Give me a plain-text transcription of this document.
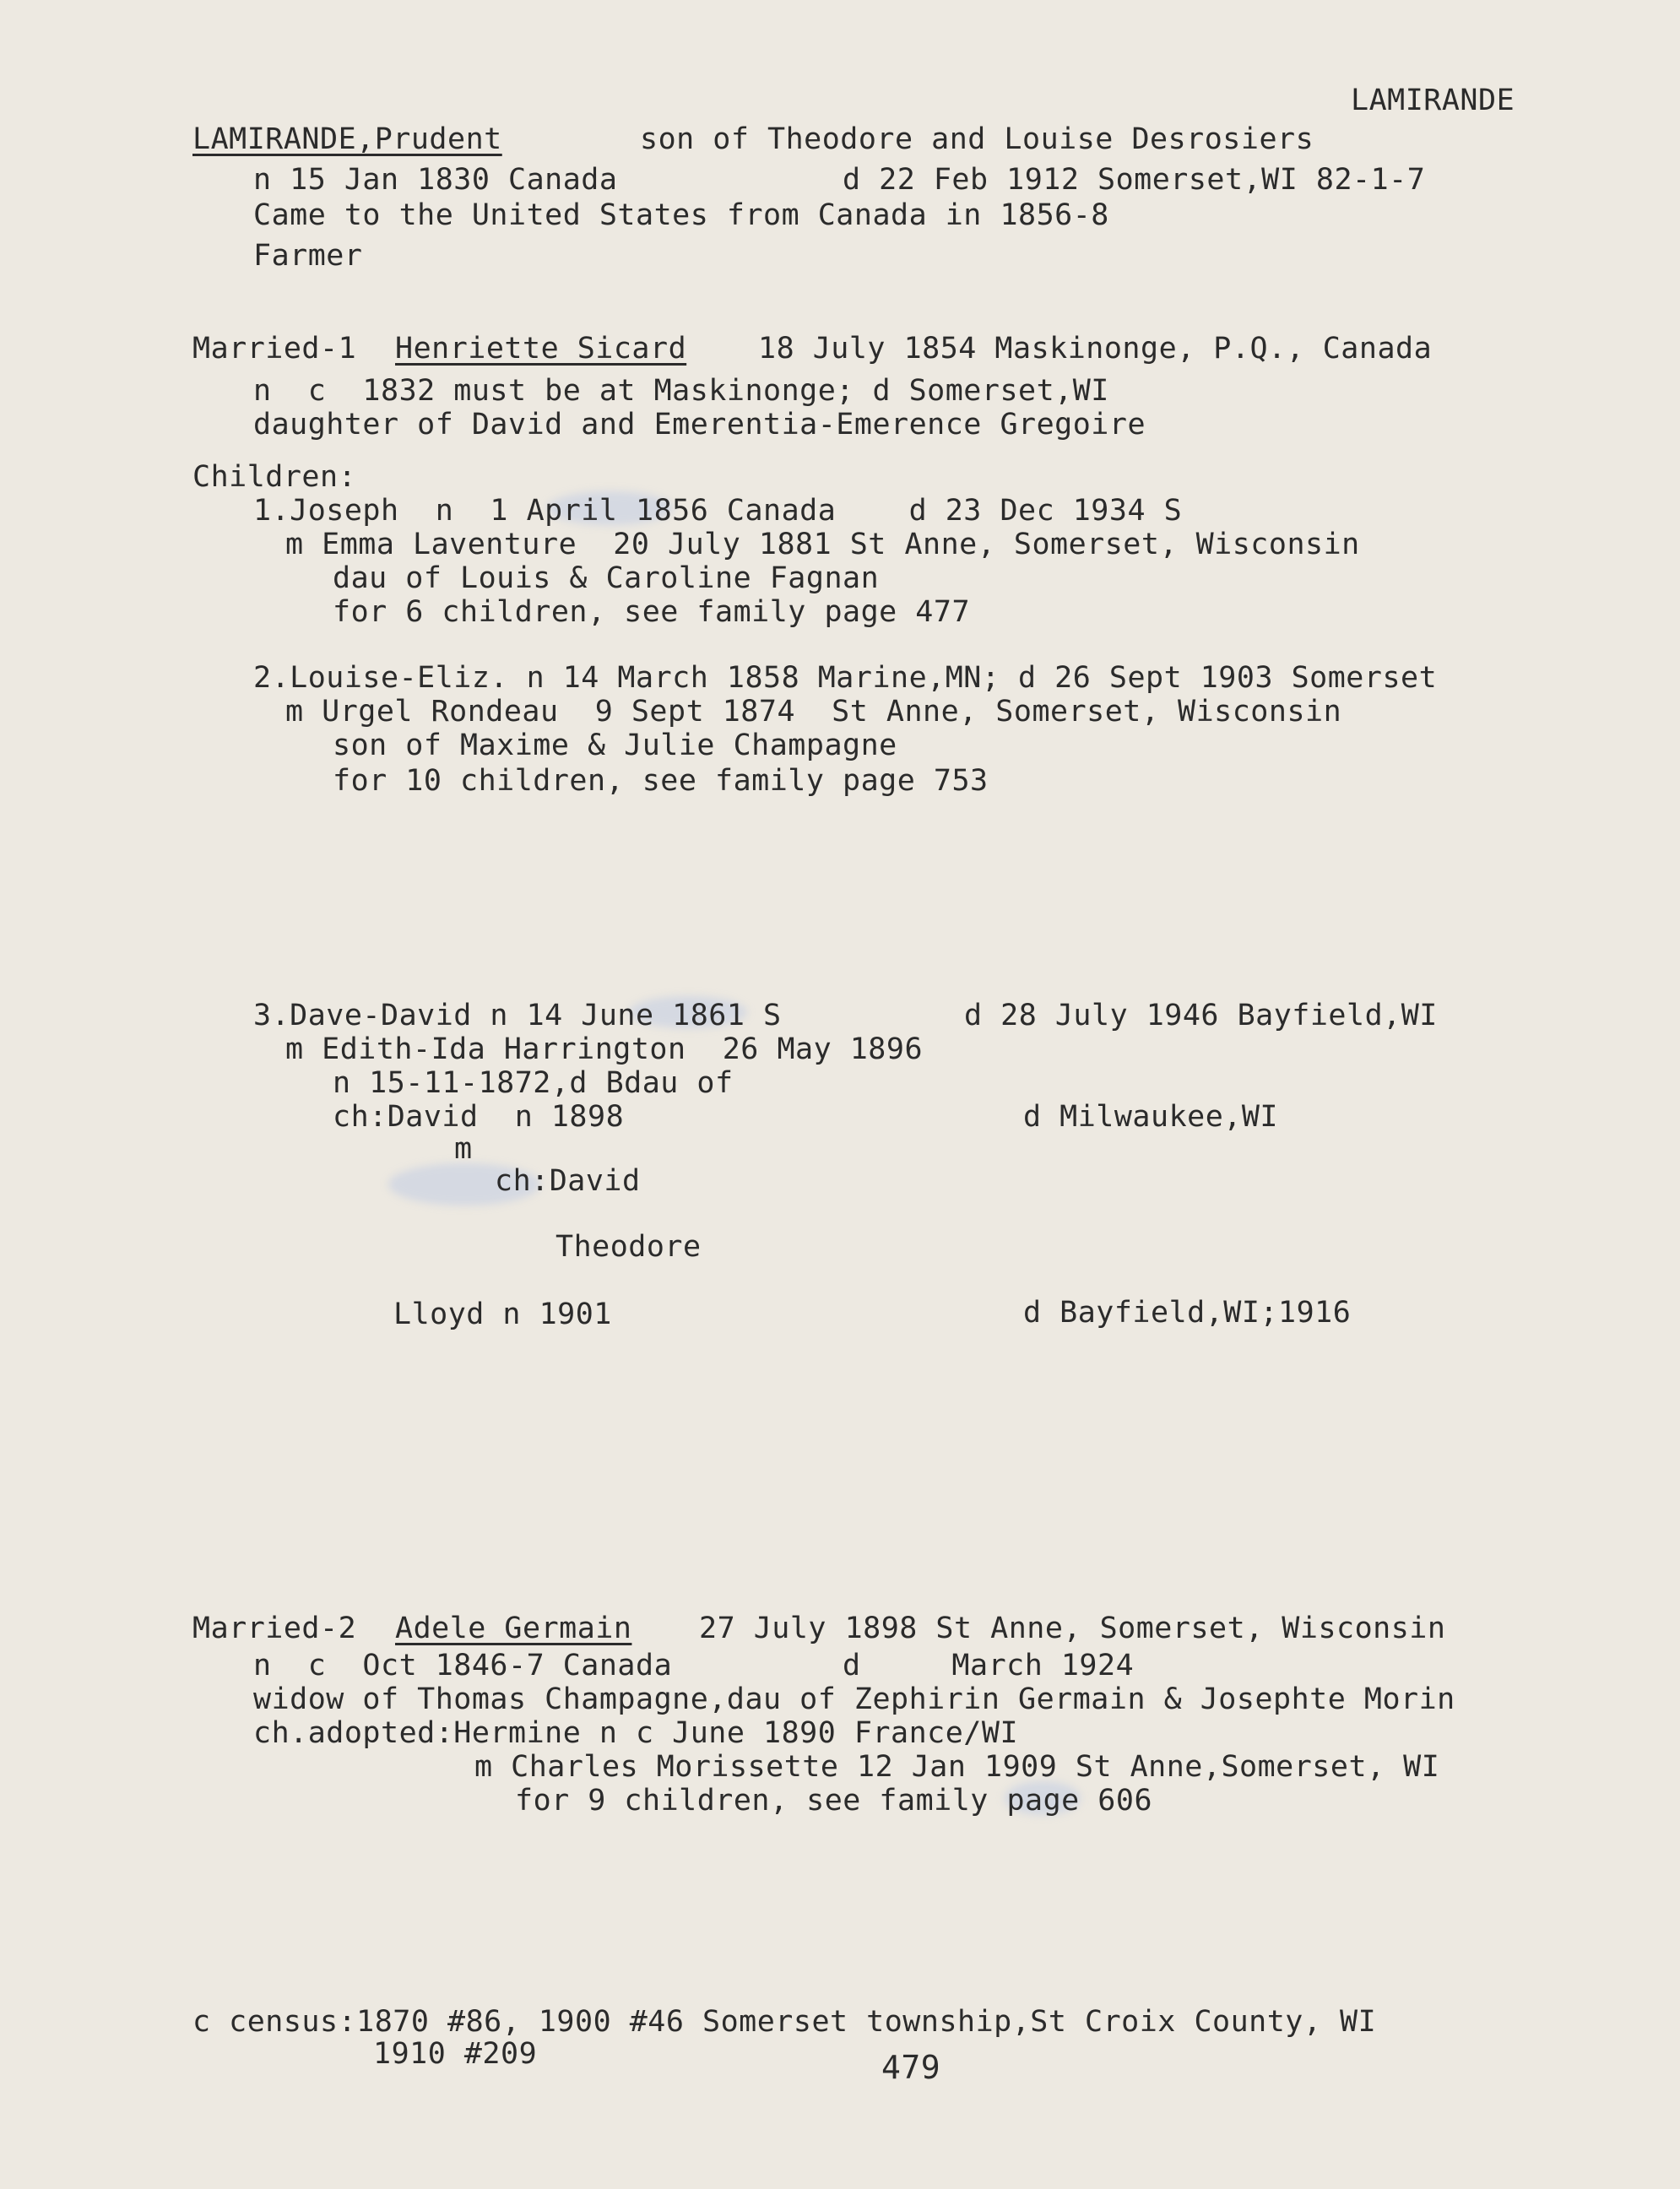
LAMIRANDE
LAMIRANDE,Prudent	son of Theodore and Louise Desrosiers
n 15 Jan 1830 Canada	d 22 Feb 1912 Somerset,WI 82-1-7
Came to the United States from Canada in 1856-8
Farmer
Married-1 Henriette Sicard 18 July 1854 Maskinonge, P.Q., Canada
n  c  1832 must be at Maskinonge; d Somerset,WI
daughter of David and Emerentia-Emerence Gregoire
Children:
1.Joseph  n  1 April 1856 Canada    d 23 Dec 1934 S
m Emma Laventure  20 July 1881 St Anne, Somerset, Wisconsin
dau of Louis & Caroline Fagnan
for 6 children, see family page 477
2.Louise-Eliz. n 14 March 1858 Marine,MN; d 26 Sept 1903 Somerset
m Urgel Rondeau  9 Sept 1874  St Anne, Somerset, Wisconsin
son of Maxime & Julie Champagne
for 10 children, see family page 753
3.Dave-David n 14 June 1861 S	d 28 July 1946 Bayfield,WI
m Edith-Ida Harrington  26 May 1896
n 15-11-1872,d Bdau of
ch:David  n 1898	d Milwaukee,WI
m
ch:David
Theodore
Lloyd n 1901	d Bayfield,WI;1916
Married-2 Adele Germain 27 July 1898 St Anne, Somerset, Wisconsin
n  c  Oct 1846-7 Canada	d     March 1924
widow of Thomas Champagne,dau of Zephirin Germain & Josephte Morin
ch.adopted:Hermine n c June 1890 France/WI
m Charles Morissette 12 Jan 1909 St Anne,Somerset, WI
for 9 children, see family page 606
c census:1870 #86, 1900 #46 Somerset township,St Croix County, WI
1910 #209	479
